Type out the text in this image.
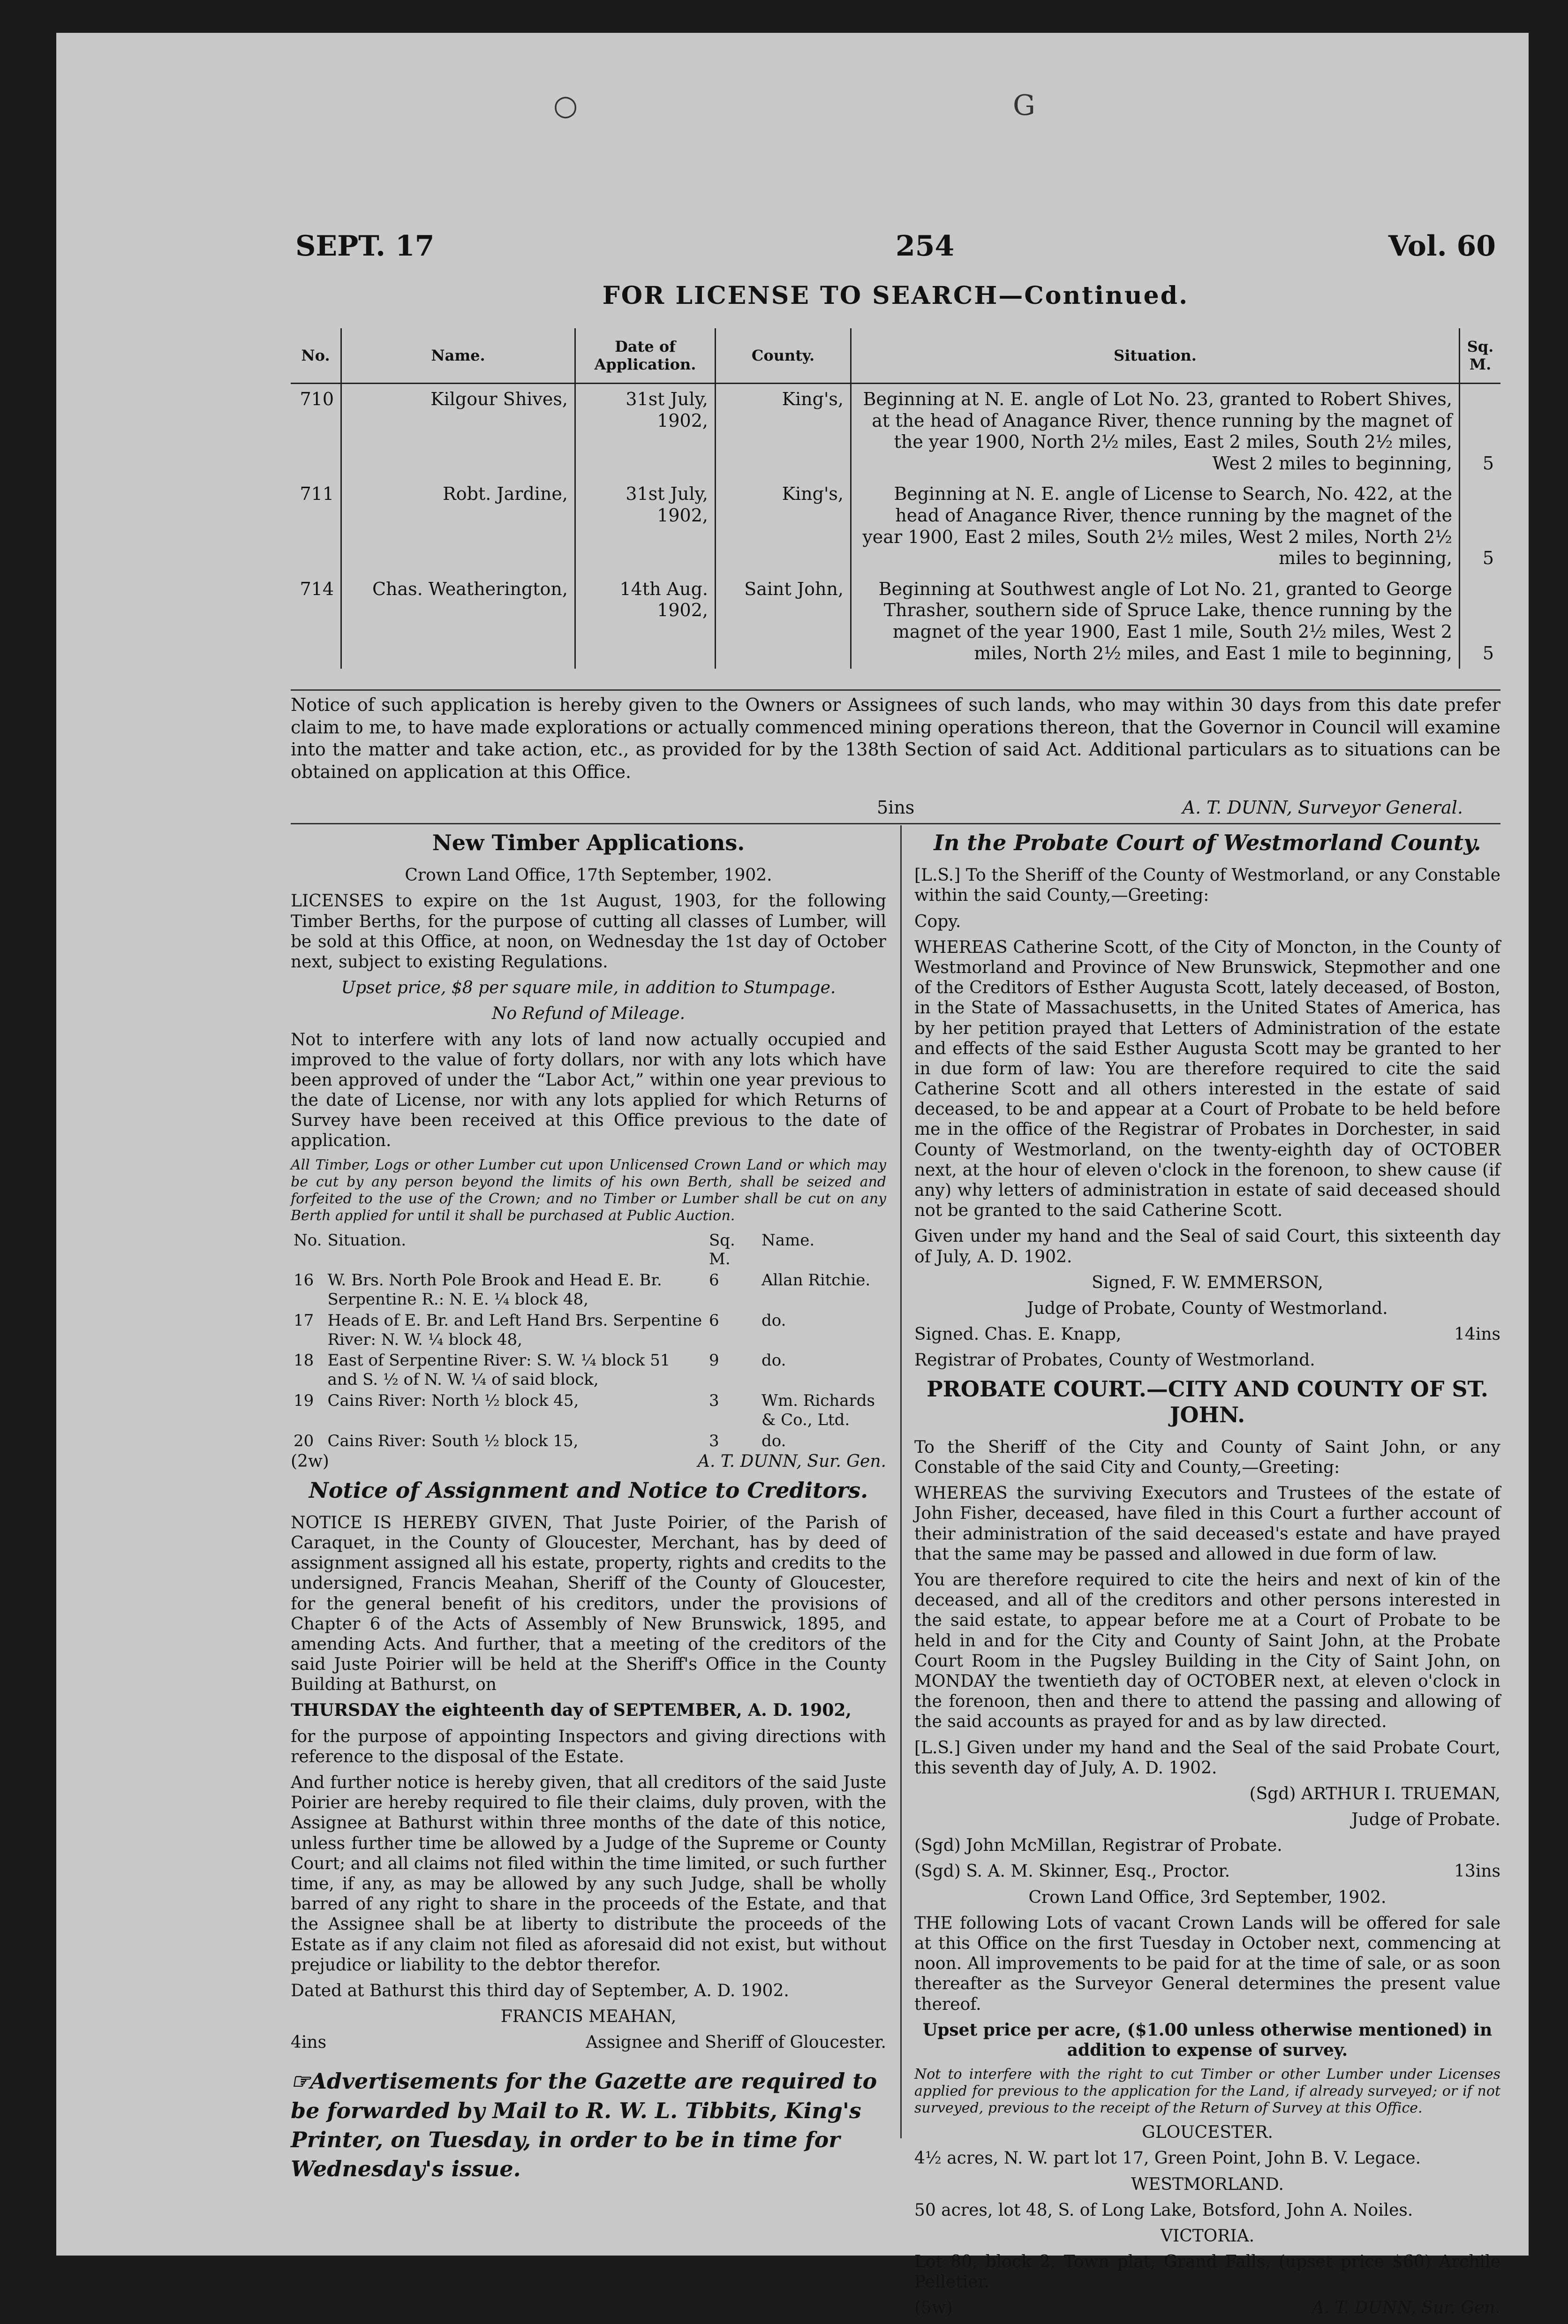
○	G
SEPT. 17	254	Vol. 60
FOR LICENSE TO SEARCH—Continued.
No.	Name.	Date of Application.	County.	Situation.	Sq. M.
710	Kilgour Shives,	31st July, 1902,	King's,	Beginning at N. E. angle of Lot No. 23, granted to Robert Shives, at the head of Anagance River, thence running by the magnet of the year 1900, North 2½ miles, East 2 miles, South 2½ miles, West 2 miles to beginning,	5
711	Robt. Jardine,	31st July, 1902,	King's,	Beginning at N. E. angle of License to Search, No. 422, at the head of Anagance River, thence running by the magnet of the year 1900, East 2 miles, South 2½ miles, West 2 miles, North 2½ miles to beginning,	5
714	Chas. Weatherington,	14th Aug. 1902,	Saint John,	Beginning at Southwest angle of Lot No. 21, granted to George Thrasher, southern side of Spruce Lake, thence running by the magnet of the year 1900, East 1 mile, South 2½ miles, West 2 miles, North 2½ miles, and East 1 mile to beginning,	5
Notice of such application is hereby given to the Owners or Assignees of such lands, who may within 30 days from this date prefer claim to me, to have made explorations or actually commenced mining operations thereon, that the Governor in Council will examine into the matter and take action, etc., as provided for by the 138th Section of said Act. Additional particulars as to situations can be obtained on application at this Office.
5ins	A. T. DUNN, Surveyor General.
New Timber Applications.

Crown Land Office, 17th September, 1902.

LICENSES to expire on the 1st August, 1903, for the following Timber Berths, for the purpose of cutting all classes of Lumber, will be sold at this Office, at noon, on Wednesday the 1st day of October next, subject to existing Regulations.

Upset price, $8 per square mile, in addition to Stumpage.

No Refund of Mileage.

Not to interfere with any lots of land now actually occupied and improved to the value of forty dollars, nor with any lots which have been approved of under the “Labor Act,” within one year previous to the date of License, nor with any lots applied for which Returns of Survey have been received at this Office previous to the date of application.

All Timber, Logs or other Lumber cut upon Unlicensed Crown Land or which may be cut by any person beyond the limits of his own Berth, shall be seized and forfeited to the use of the Crown; and no Timber or Lumber shall be cut on any Berth applied for until it shall be purchased at Public Auction.

No.	Situation.	Sq. M.	Name.
16	W. Brs. North Pole Brook and Head E. Br. Serpentine R.: N. E. ¼ block 48,	6	Allan Ritchie.
17	Heads of E. Br. and Left Hand Brs. Serpentine River: N. W. ¼ block 48,	6	do.
18	East of Serpentine River: S. W. ¼ block 51 and S. ½ of N. W. ¼ of said block,	9	do.
19	Cains River: North ½ block 45,	3	Wm. Richards & Co., Ltd.
20	Cains River: South ½ block 15,	3	do.

(2w)	A. T. DUNN, Sur. Gen.

Notice of Assignment and Notice to Creditors.

NOTICE IS HEREBY GIVEN, That Juste Poirier, of the Parish of Caraquet, in the County of Gloucester, Merchant, has by deed of assignment assigned all his estate, property, rights and credits to the undersigned, Francis Meahan, Sheriff of the County of Gloucester, for the general benefit of his creditors, under the provisions of Chapter 6 of the Acts of Assembly of New Brunswick, 1895, and amending Acts. And further, that a meeting of the creditors of the said Juste Poirier will be held at the Sheriff's Office in the County Building at Bathurst, on

THURSDAY the eighteenth day of SEPTEMBER, A. D. 1902,

for the purpose of appointing Inspectors and giving directions with reference to the disposal of the Estate.

And further notice is hereby given, that all creditors of the said Juste Poirier are hereby required to file their claims, duly proven, with the Assignee at Bathurst within three months of the date of this notice, unless further time be allowed by a Judge of the Supreme or County Court; and all claims not filed within the time limited, or such further time, if any, as may be allowed by any such Judge, shall be wholly barred of any right to share in the proceeds of the Estate, and that the Assignee shall be at liberty to distribute the proceeds of the Estate as if any claim not filed as aforesaid did not exist, but without prejudice or liability to the debtor therefor.

Dated at Bathurst this third day of September, A. D. 1902.

FRANCIS MEAHAN,

4ins	Assignee and Sheriff of Gloucester.

☞Advertisements for the Gazette are required to be forwarded by Mail to R. W. L. Tibbits, King's Printer, on Tuesday, in order to be in time for Wednesday's issue.
In the Probate Court of Westmorland County.

[L.S.] To the Sheriff of the County of Westmorland, or any Constable within the said County,—Greeting:

Copy.

WHEREAS Catherine Scott, of the City of Moncton, in the County of Westmorland and Province of New Brunswick, Stepmother and one of the Creditors of Esther Augusta Scott, lately deceased, of Boston, in the State of Massachusetts, in the United States of America, has by her petition prayed that Letters of Administration of the estate and effects of the said Esther Augusta Scott may be granted to her in due form of law: You are therefore required to cite the said Catherine Scott and all others interested in the estate of said deceased, to be and appear at a Court of Probate to be held before me in the office of the Registrar of Probates in Dorchester, in said County of Westmorland, on the twenty-eighth day of OCTOBER next, at the hour of eleven o'clock in the forenoon, to shew cause (if any) why letters of administration in estate of said deceased should not be granted to the said Catherine Scott.

Given under my hand and the Seal of said Court, this sixteenth day of July, A. D. 1902.

Signed, F. W. EMMERSON,

Judge of Probate, County of Westmorland.

Signed. Chas. E. Knapp,	14ins

Registrar of Probates, County of Westmorland.

PROBATE COURT.—CITY AND COUNTY OF ST. JOHN.

To the Sheriff of the City and County of Saint John, or any Constable of the said City and County,—Greeting:

WHEREAS the surviving Executors and Trustees of the estate of John Fisher, deceased, have filed in this Court a further account of their administration of the said deceased's estate and have prayed that the same may be passed and allowed in due form of law.

You are therefore required to cite the heirs and next of kin of the deceased, and all of the creditors and other persons interested in the said estate, to appear before me at a Court of Probate to be held in and for the City and County of Saint John, at the Probate Court Room in the Pugsley Building in the City of Saint John, on MONDAY the twentieth day of OCTOBER next, at eleven o'clock in the forenoon, then and there to attend the passing and allowing of the said accounts as prayed for and as by law directed.

[L.S.] Given under my hand and the Seal of the said Probate Court, this seventh day of July, A. D. 1902.

(Sgd) ARTHUR I. TRUEMAN,

Judge of Probate.

(Sgd) John McMillan, Registrar of Probate.

(Sgd) S. A. M. Skinner, Esq., Proctor.	13ins

Crown Land Office, 3rd September, 1902.

THE following Lots of vacant Crown Lands will be offered for sale at this Office on the first Tuesday in October next, commencing at noon. All improvements to be paid for at the time of sale, or as soon thereafter as the Surveyor General determines the present value thereof.

Upset price per acre, ($1.00 unless otherwise mentioned) in addition to expense of survey.

Not to interfere with the right to cut Timber or other Lumber under Licenses applied for previous to the application for the Land, if already surveyed; or if not surveyed, previous to the receipt of the Return of Survey at this Office.

GLOUCESTER.

4½ acres, N. W. part lot 17, Green Point, John B. V. Legace.

WESTMORLAND.

50 acres, lot 48, S. of Long Lake, Botsford, John A. Noiles.

VICTORIA.

Lot 80, block 2, Town plat, Grand Falls, (upset price $60) Archile Pelletier.

(5w)	A. T. DUNN, Sur. Gen.
